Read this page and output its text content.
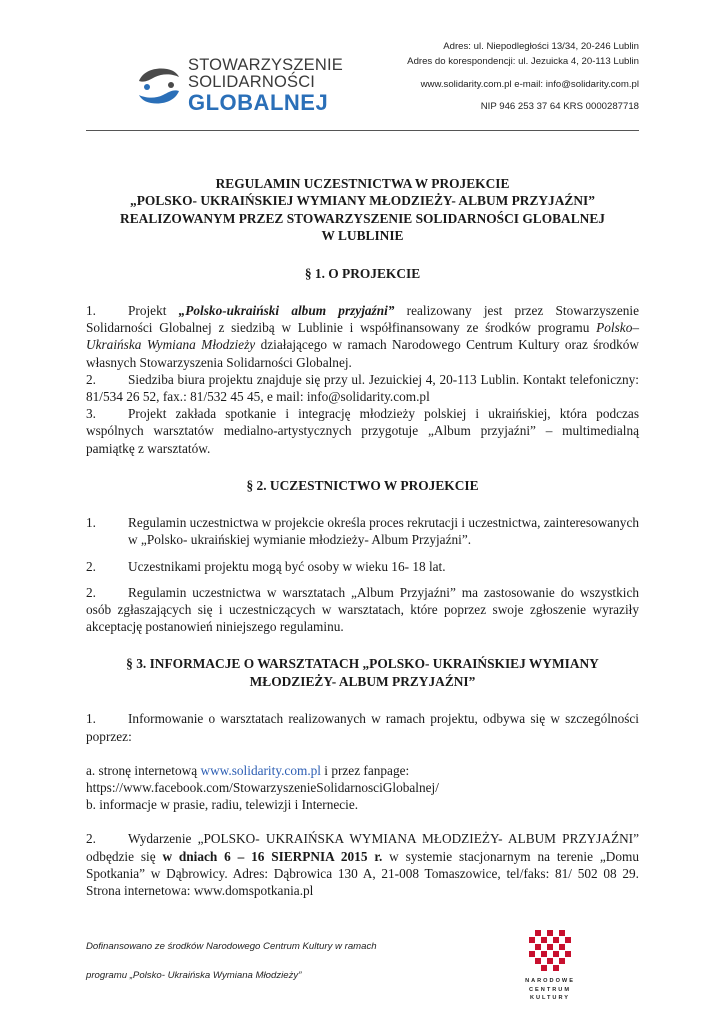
STOWARZYSZENIE
SOLIDARNOŚCI
GLOBALNEJ
Adres: ul. Niepodległości 13/34, 20-246 Lublin
Adres do korespondencji: ul. Jezuicka 4, 20-113 Lublin
www.solidarity.com.pl e-mail: info@solidarity.com.pl
NIP 946 253 37 64 KRS 0000287718

REGULAMIN UCZESTNICTWA W PROJEKCIE

„POLSKO- UKRAIŃSKIEJ WYMIANY MŁODZIEŻY- ALBUM PRZYJAŹNI”

REALIZOWANYM PRZEZ STOWARZYSZENIE SOLIDARNOŚCI GLOBALNEJ

W LUBLINIE

§ 1. O PROJEKCIE

1. Projekt „Polsko-ukraiński album przyjaźni” realizowany jest przez Stowarzyszenie Solidarności Globalnej z siedzibą w Lublinie i współfinansowany ze środków programu Polsko–Ukraińska Wymiana Młodzieży działającego w ramach Narodowego Centrum Kultury oraz środków własnych Stowarzyszenia Solidarności Globalnej.

2. Siedziba biura projektu znajduje się przy ul. Jezuickiej 4, 20-113 Lublin. Kontakt telefoniczny: 81/534 26 52, fax.: 81/532 45 45, e mail: info@solidarity.com.pl

3. Projekt zakłada spotkanie i integrację młodzieży polskiej i ukraińskiej, która podczas wspólnych warsztatów medialno-artystycznych przygotuje „Album przyjaźni” – multimedialną pamiątkę z warsztatów.

§ 2. UCZESTNICTWO W PROJEKCIE

1.	Regulamin uczestnictwa w projekcie określa proces rekrutacji i uczestnictwa, zainteresowanych w „Polsko- ukraińskiej wymianie młodzieży- Album Przyjaźni”.
2.	Uczestnikami projektu mogą być osoby w wieku 16- 18 lat.

2. Regulamin uczestnictwa w warsztatach „Album Przyjaźni” ma zastosowanie do wszystkich osób zgłaszających się i uczestniczących w warsztatach, które poprzez swoje zgłoszenie wyraziły akceptację postanowień niniejszego regulaminu.

§ 3. INFORMACJE O WARSZTATACH „POLSKO- UKRAIŃSKIEJ WYMIANY

MŁODZIEŻY- ALBUM PRZYJAŹNI”

1. Informowanie o warsztatach realizowanych w ramach projektu, odbywa się w szczególności poprzez:

a. stronę internetową www.solidarity.com.pl i przez fanpage:

https://www.facebook.com/StowarzyszenieSolidarnosciGlobalnej/

b. informacje w prasie, radiu, telewizji i Internecie.

2. Wydarzenie „POLSKO- UKRAIŃSKA WYMIANA MŁODZIEŻY- ALBUM PRZYJAŹNI” odbędzie się w dniach 6 – 16 SIERPNIA 2015 r. w systemie stacjonarnym na terenie „Domu Spotkania” w Dąbrowicy. Adres: Dąbrowica 130 A, 21-008 Tomaszowice, tel/faks: 81/ 502 08 29. Strona internetowa: www.domspotkania.pl

Dofinansowano ze środków Narodowego Centrum Kultury w ramach
programu „Polsko- Ukraińska Wymiana Młodzieży”	NARODOWE
CENTRUM
KULTURY
